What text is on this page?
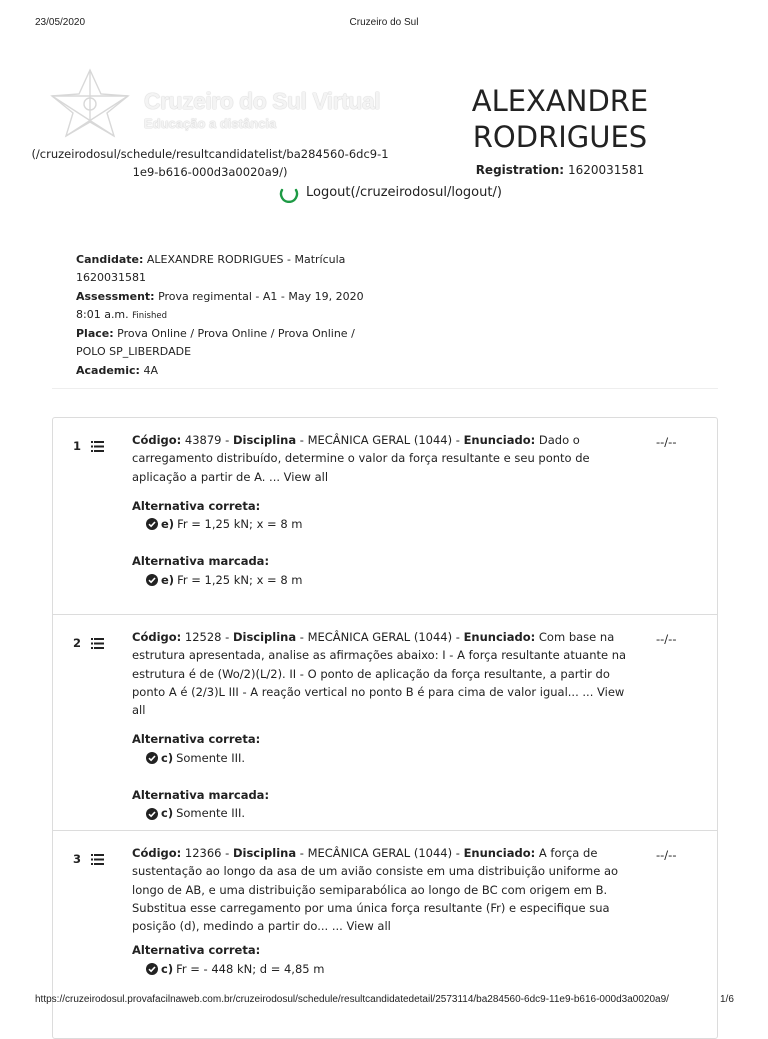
23/05/2020	Cruzeiro do Sul
Cruzeiro do Sul Virtual
Educação a distância
(/cruzeirodosul/schedule/resultcandidatelist/ba284560-6dc9-11e9-b616-000d3a0020a9/)
ALEXANDRE RODRIGUES
Registration: 1620031581
Logout(/cruzeirodosul/logout/)
Candidate: ALEXANDRE RODRIGUES - Matrícula 1620031581
Assessment: Prova regimental - A1 - May 19, 2020 8:01 a.m. Finished
Place: Prova Online / Prova Online / Prova Online / POLO SP_LIBERDADE
Academic: 4A
1	Código: 43879 - Disciplina - MECÂNICA GERAL (1044) - Enunciado: Dado o carregamento distribuído, determine o valor da força resultante e seu ponto de aplicação a partir de A. ... View all
Alternativa correta:
e) Fr = 1,25 kN; x = 8 m
Alternativa marcada:
e) Fr = 1,25 kN; x = 8 m
--/--
2	Código: 12528 - Disciplina - MECÂNICA GERAL (1044) - Enunciado: Com base na estrutura apresentada, analise as afirmações abaixo: I - A força resultante atuante na estrutura é de (Wo/2)(L/2). II - O ponto de aplicação da força resultante, a partir do ponto A é (2/3)L III - A reação vertical no ponto B é para cima de valor igual... ... View all
Alternativa correta:
c) Somente III.
Alternativa marcada:
c) Somente III.
--/--
3	Código: 12366 - Disciplina - MECÂNICA GERAL (1044) - Enunciado: A força de sustentação ao longo da asa de um avião consiste em uma distribuição uniforme ao longo de AB, e uma distribuição semiparabólica ao longo de BC com origem em B. Substitua esse carregamento por uma única força resultante (Fr) e especifique sua posição (d), medindo a partir do... ... View all
Alternativa correta:
c) Fr = - 448 kN; d = 4,85 m
--/--
https://cruzeirodosul.provafacilnaweb.com.br/cruzeirodosul/schedule/resultcandidatedetail/2573114/ba284560-6dc9-11e9-b616-000d3a0020a9/	1/6
